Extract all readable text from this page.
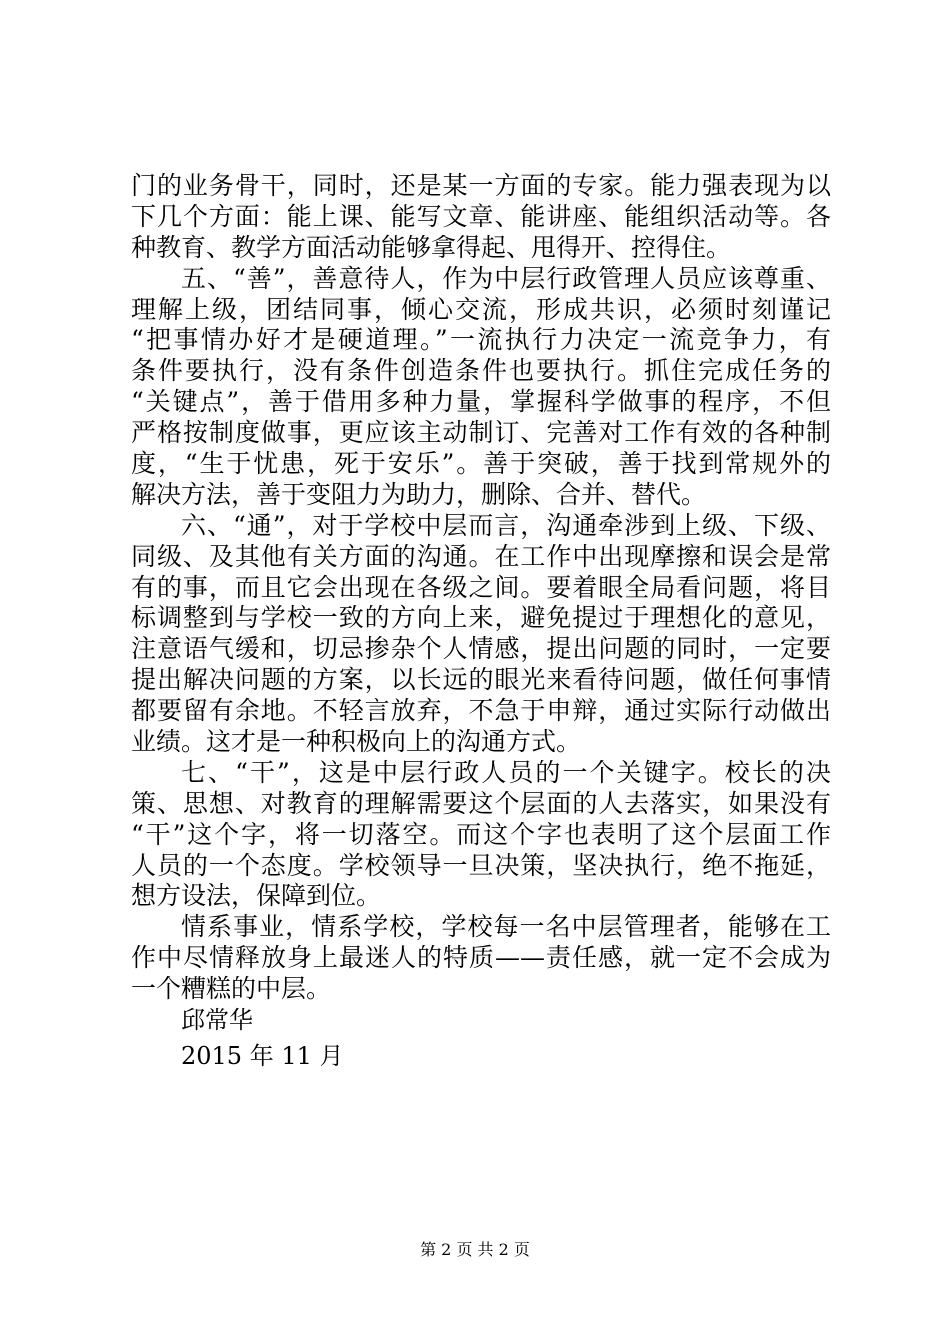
门的业务骨干，同时，还是某一方面的专家。能力强表现为以
下几个方面：能上课、能写文章、能讲座、能组织活动等。各
种教育、教学方面活动能够拿得起、甩得开、控得住。
五、“善”，善意待人，作为中层行政管理人员应该尊重、
理解上级，团结同事，倾心交流，形成共识，必须时刻谨记
“把事情办好才是硬道理。”一流执行力决定一流竞争力，有
条件要执行，没有条件创造条件也要执行。抓住完成任务的
“关键点”，善于借用多种力量，掌握科学做事的程序，不但
严格按制度做事，更应该主动制订、完善对工作有效的各种制
度，“生于忧患，死于安乐”。善于突破，善于找到常规外的
解决方法，善于变阻力为助力，删除、合并、替代。
六、“通”，对于学校中层而言，沟通牵涉到上级、下级、
同级、及其他有关方面的沟通。在工作中出现摩擦和误会是常
有的事，而且它会出现在各级之间。要着眼全局看问题，将目
标调整到与学校一致的方向上来，避免提过于理想化的意见，
注意语气缓和，切忌掺杂个人情感，提出问题的同时，一定要
提出解决问题的方案，以长远的眼光来看待问题，做任何事情
都要留有余地。不轻言放弃，不急于申辩，通过实际行动做出
业绩。这才是一种积极向上的沟通方式。
七、“干”，这是中层行政人员的一个关键字。校长的决
策、思想、对教育的理解需要这个层面的人去落实，如果没有
“干”这个字，将一切落空。而这个字也表明了这个层面工作
人员的一个态度。学校领导一旦决策，坚决执行，绝不拖延，
想方设法，保障到位。
情系事业，情系学校，学校每一名中层管理者，能够在工
作中尽情释放身上最迷人的特质——责任感，就一定不会成为
一个糟糕的中层。
邱常华
2015 年 11 月
第 2 页 共 2 页
